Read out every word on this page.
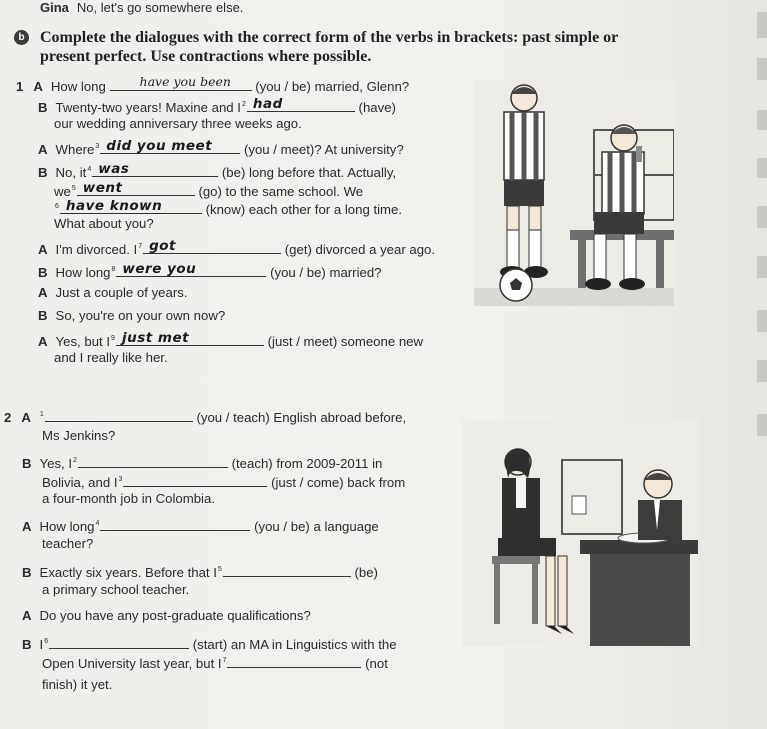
Gina No, let's go somewhere else.
b Complete the dialogues with the correct form of the verbs in brackets: past simple or present perfect. Use contractions where possible.
1 A How long	have you been (you / be) married, Glenn?
B Twenty-two years! Maxine and $I^2$ had	(have)
our wedding anniversary three weeks ago.
A Where$^3$ did you meet (you / meet)? At university?
B No, $it^4$ was	(be) long before that. Actually,
$we^5$ went	(go) to the same school. We
$^6$ have known	(know) each other for a long time.
What about you?
A I'm divorced. $I^7$ got	(get) divorced a year ago.
B How long$^8$ were you	(you / be) married?
A Just a couple of years.
B So, you're on your own now?
A Yes, but $I^9$ just met	(just / meet) someone new
and I really like her.
2 A $^1$	(you / teach) English abroad before,
Ms Jenkins?
B Yes, $I^2$	(teach) from 2009-2011 in
Bolivia, and $I^3$	(just / come) back from
a four-month job in Colombia.
A How long$^4$	(you / be) a language
teacher?
B Exactly six years. Before that $I^5$	(be)
a primary school teacher.
A Do you have any post-graduate qualifications?
B $I^6$	(start) an MA in Linguistics with the
Open University last year, but $I^7$	(not
finish) it yet.
